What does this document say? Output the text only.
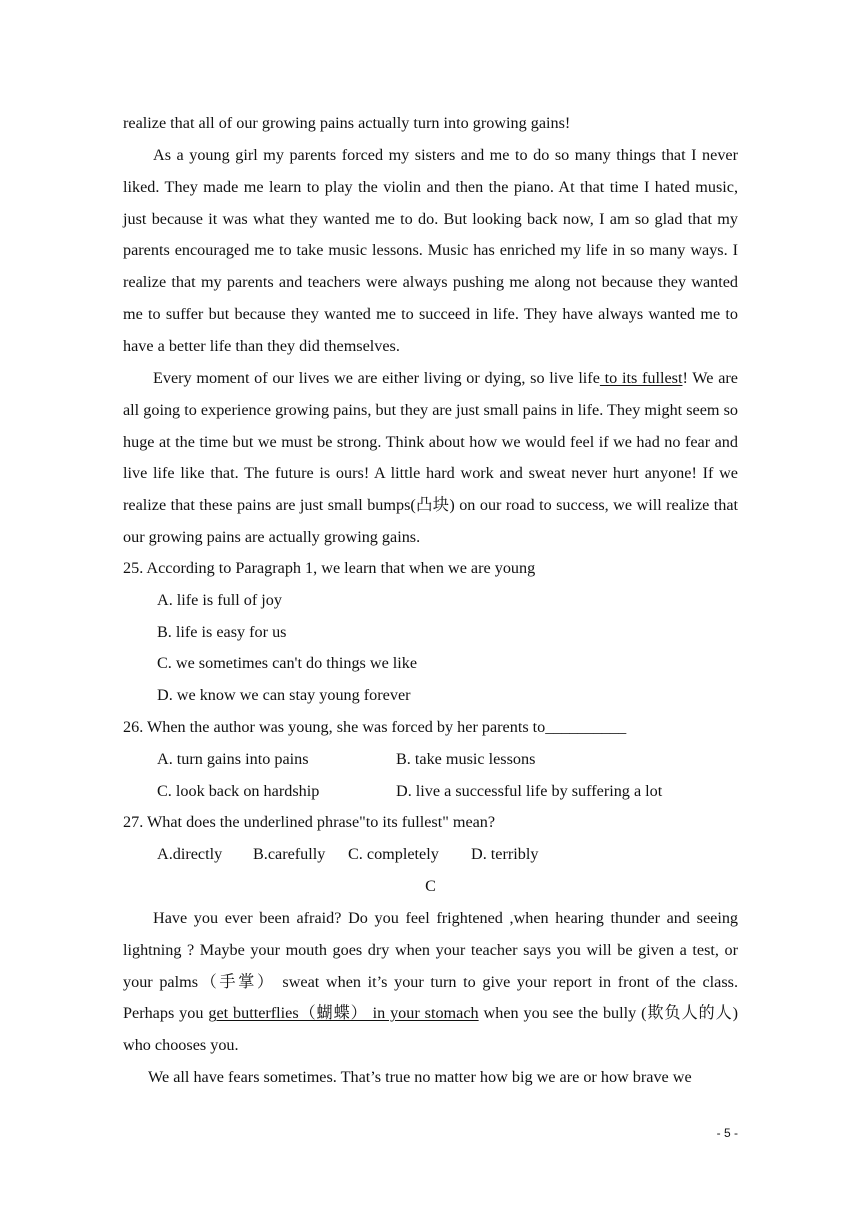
realize that all of our growing pains actually turn into growing gains!

As a young girl my parents forced my sisters and me to do so many things that I never liked. They made me learn to play the violin and then the piano. At that time I hated music, just because it was what they wanted me to do. But looking back now, I am so glad that my parents encouraged me to take music lessons. Music has enriched my life in so many ways. I realize that my parents and teachers were always pushing me along not because they wanted me to suffer but because they wanted me to succeed in life. They have always wanted me to have a better life than they did themselves.

Every moment of our lives we are either living or dying, so live life to its fullest! We are all going to experience growing pains, but they are just small pains in life. They might seem so huge at the time but we must be strong. Think about how we would feel if we had no fear and live life like that. The future is ours! A little hard work and sweat never hurt anyone! If we realize that these pains are just small bumps(凸块) on our road to success, we will realize that our growing pains are actually growing gains.

25. According to Paragraph 1, we learn that when we are young

A. life is full of joy
B. life is easy for us
C. we sometimes can't do things we like
D. we know we can stay young forever

26. When the author was young, she was forced by her parents to__________

A. turn gains into pains	B. take music lessons
C. look back on hardship	D. live a successful life by suffering a lot

27. What does the underlined phrase"to its fullest" mean?

A.directly B.carefully C. completely D. terribly
C

Have you ever been afraid? Do you feel frightened ,when hearing thunder and seeing lightning ? Maybe your mouth goes dry when your teacher says you will be given a test, or your palms（手掌） sweat when it’s your turn to give your report in front of the class. Perhaps you get butterflies（蝴蝶） in your stomach when you see the bully (欺负人的人) who chooses you.

We all have fears sometimes. That’s true no matter how big we are or how brave we

- 5 -
